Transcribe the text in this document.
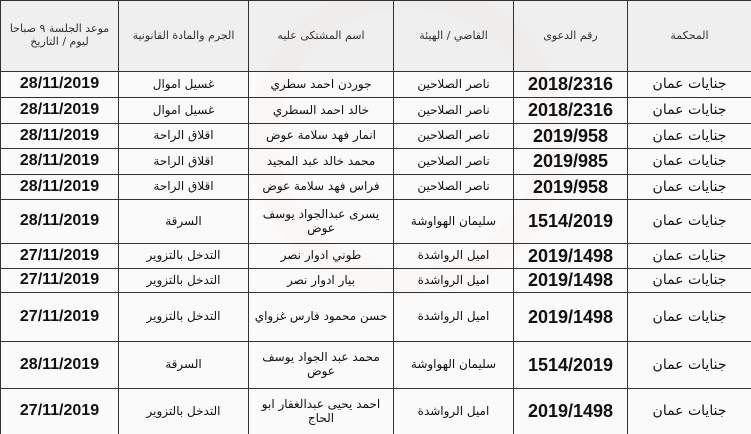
المحكمة	رقم الدعوى	القاضي / الهيئة	اسم المشتكى عليه	الجرم والمادة القانونية	موعد الجلسة ٩ صباحا ليوم / التاريخ
جنايات عمان	2018/2316	ناصر الصلاحين	جوردن احمد سطري	غسيل اموال	28/11/2019
جنايات عمان	2018/2316	ناصر الصلاحين	خالد احمد السطري	غسيل اموال	28/11/2019
جنايات عمان	2019/958	ناصر الصلاحين	انمار فهد سلامة عوض	اقلاق الراحة	28/11/2019
جنايات عمان	2019/985	ناصر الصلاحين	محمد خالد عبد المجيد	اقلاق الراحة	28/11/2019
جنايات عمان	2019/958	ناصر الصلاحين	فراس فهد سلامة عوض	اقلاق الراحة	28/11/2019
جنايات عمان	1514/2019	سليمان الهواوشة	يسرى عبدالجواد يوسف عوض	السرقة	28/11/2019
جنايات عمان	2019/1498	اميل الرواشدة	طوني ادوار نصر	التدخل بالتزوير	27/11/2019
جنايات عمان	2019/1498	اميل الرواشدة	بيار ادوار نصر	التدخل بالتزوير	27/11/2019
جنايات عمان	2019/1498	اميل الرواشدة	حسن محمود فارس غزواي	التدخل بالتزوير	27/11/2019
جنايات عمان	1514/2019	سليمان الهواوشة	محمد عبد الجواد يوسف عوض	السرقة	28/11/2019
جنايات عمان	2019/1498	اميل الرواشدة	احمد يحيى عبدالغفار ابو الحاج	التدخل بالتزوير	27/11/2019
